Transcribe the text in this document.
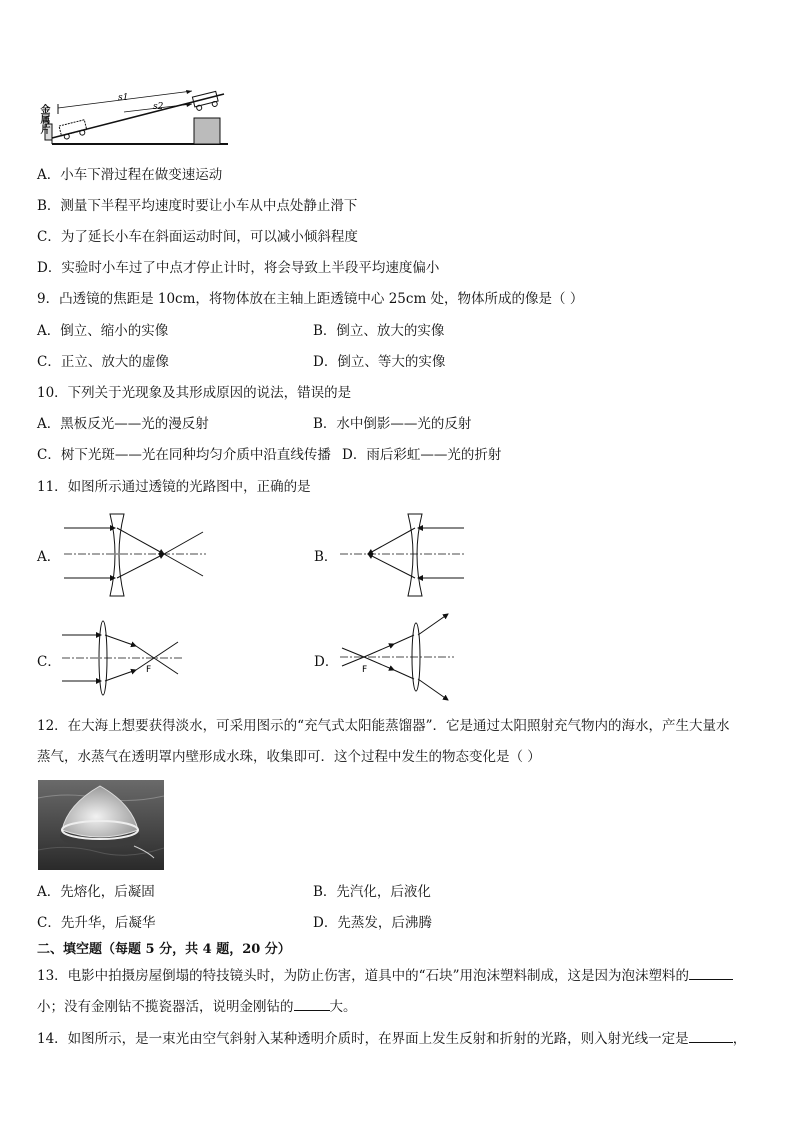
s1
s2
金属片
A．小车下滑过程在做变速运动
B．测量下半程平均速度时要让小车从中点处静止滑下
C．为了延长小车在斜面运动时间，可以减小倾斜程度
D．实验时小车过了中点才停止计时，将会导致上半段平均速度偏小
9．凸透镜的焦距是 10cm，将物体放在主轴上距透镜中心 25cm 处，物体所成的像是（ ）
A．倒立、缩小的实像	B．倒立、放大的实像
C．正立、放大的虚像	D．倒立、等大的实像
10．下列关于光现象及其形成原因的说法，错误的是
A．黑板反光——光的漫反射	B．水中倒影——光的反射
C．树下光斑——光在同种均匀介质中沿直线传播 D．雨后彩虹——光的折射
11．如图所示通过透镜的光路图中，正确的是
A．	B．
C．	F	D．	F
12．在大海上想要获得淡水，可采用图示的“充气式太阳能蒸馏器”．它是通过太阳照射充气物内的海水，产生大量水
蒸气，水蒸气在透明罩内壁形成水珠，收集即可．这个过程中发生的物态变化是（ ）
A．先熔化，后凝固	B．先汽化，后液化
C．先升华，后凝华	D．先蒸发，后沸腾
二、填空题（每题 5 分，共 4 题，20 分）
13．电影中拍摄房屋倒塌的特技镜头时，为防止伤害，道具中的“石块”用泡沫塑料制成，这是因为泡沫塑料的
小；没有金刚钻不揽瓷器活，说明金刚钻的	大。
14．如图所示，是一束光由空气斜射入某种透明介质时，在界面上发生反射和折射的光路，则入射光线一定是	，
